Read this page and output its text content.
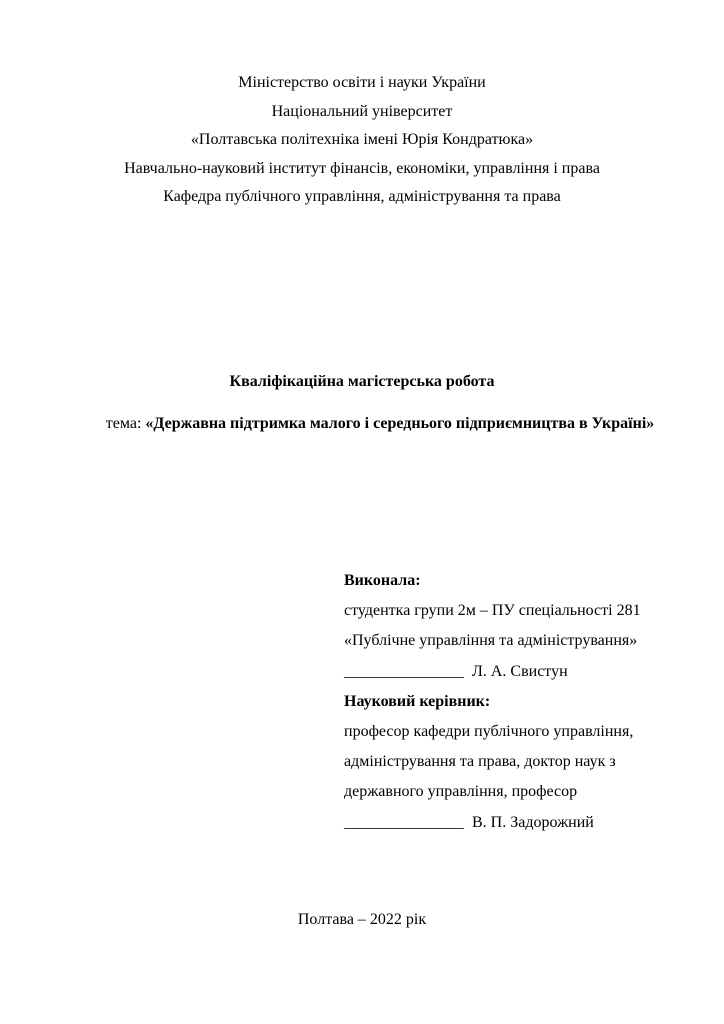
Міністерство освіти і науки України
Національний університет
«Полтавська політехніка імені Юрія Кондратюка»
Навчально-науковий інститут фінансів, економіки, управління і права
Кафедра публічного управління, адміністрування та права
Кваліфікаційна магістерська робота
тема: «Державна підтримка малого і середнього підприємництва в Україні»
Виконала:
студентка групи 2м – ПУ спеціальності 281
«Публічне управління та адміністрування»
_______________ Л. А. Свистун
Науковий керівник:
професор кафедри публічного управління,
адміністрування та права, доктор наук з
державного управління, професор
_______________ В. П. Задорожний
Полтава – 2022 рік
